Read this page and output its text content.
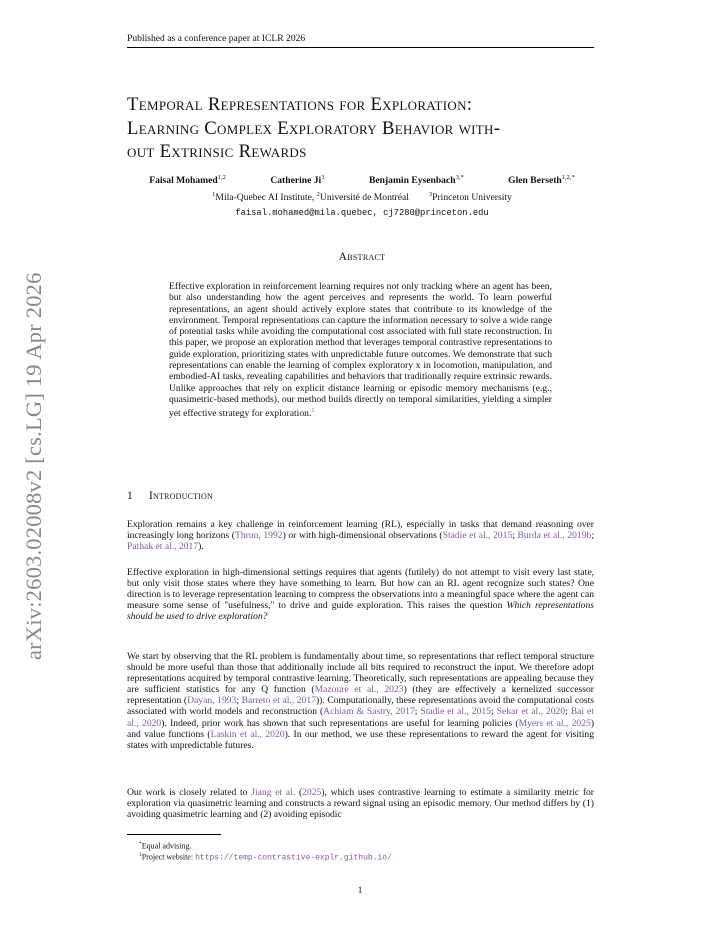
Published as a conference paper at ICLR 2026
arXiv:2603.02008v2 [cs.LG] 19 Apr 2026
Temporal Representations for Exploration:
Learning Complex Exploratory Behavior with-
out Extrinsic Rewards
Faisal Mohamed$^{1,2}$	Catherine Ji$^3$	Benjamin Eysenbach$^{3,*}$	Glen Berseth$^{1,2,*}$
$^1$Mila-Quebec AI Institute, $^2$Université de Montréal	$^3$Princeton University
faisal.mohamed@mila.quebec, cj7280@princeton.edu
Abstract
Effective exploration in reinforcement learning requires not only tracking where an agent has been, but also understanding how the agent perceives and represents the world. To learn powerful representations, an agent should actively explore states that contribute to its knowledge of the environment. Temporal representations can capture the information necessary to solve a wide range of potential tasks while avoiding the computational cost associated with full state reconstruction. In this paper, we propose an exploration method that leverages temporal contrastive representations to guide exploration, prioritizing states with unpredictable future outcomes. We demonstrate that such representations can enable the learning of complex exploratory x in locomotion, manipulation, and embodied-AI tasks, revealing capabilities and behaviors that traditionally require extrinsic rewards. Unlike approaches that rely on explicit distance learning or episodic memory mechanisms (e.g., quasimetric-based methods), our method builds directly on temporal similarities, yielding a simpler yet effective strategy for exploration.$^1$
1 Introduction
Exploration remains a key challenge in reinforcement learning (RL), especially in tasks that demand reasoning over increasingly long horizons (Thrun, 1992) or with high-dimensional observations (Stadie et al., 2015; Burda et al., 2019b; Pathak et al., 2017).
Effective exploration in high-dimensional settings requires that agents (futilely) do not attempt to visit every last state, but only visit those states where they have something to learn. But how can an RL agent recognize such states? One direction is to leverage representation learning to compress the observations into a meaningful space where the agent can measure some sense of "usefulness," to drive and guide exploration. This raises the question Which representations should be used to drive exploration?
We start by observing that the RL problem is fundamentally about time, so representations that reflect temporal structure should be more useful than those that additionally include all bits required to reconstruct the input. We therefore adopt representations acquired by temporal contrastive learning. Theoretically, such representations are appealing because they are sufficient statistics for any Q function (Mazoure et al., 2023) (they are effectively a kernelized successor representation (Dayan, 1993; Barreto et al., 2017)). Computationally, these representations avoid the computational costs associated with world models and reconstruction (Achiam & Sastry, 2017; Stadie et al., 2015; Sekar et al., 2020; Bai et al., 2020). Indeed, prior work has shown that such representations are useful for learning policies (Myers et al., 2025) and value functions (Laskin et al., 2020). In our method, we use these representations to reward the agent for visiting states with unpredictable futures.
Our work is closely related to Jiang et al. (2025), which uses contrastive learning to estimate a similarity metric for exploration via quasimetric learning and constructs a reward signal using an episodic memory. Our method differs by (1) avoiding quasimetric learning and (2) avoiding episodic
*Equal advising.
$^1$Project website: https://temp-contrastive-explr.github.io/
1
